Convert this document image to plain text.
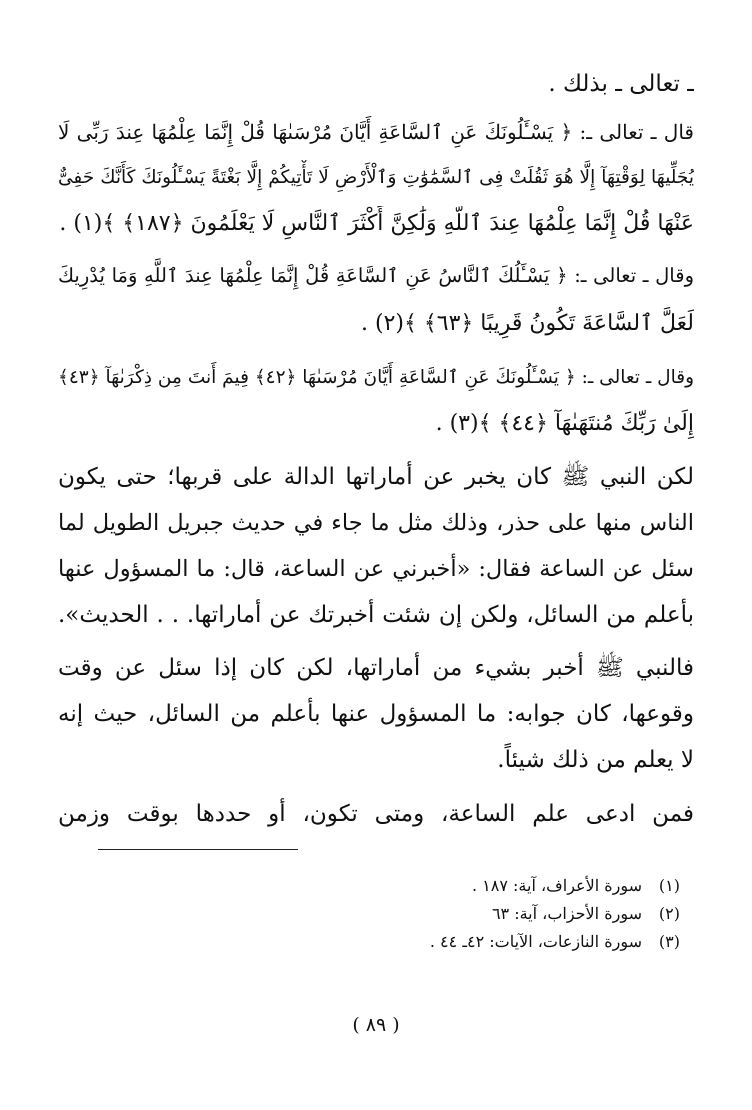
ـ تعالى ـ بذلك .
قال ـ تعالى ـ: ﴿ يَسْـَٔلُونَكَ عَنِ ٱلسَّاعَةِ أَيَّانَ مُرْسَىٰهَا قُلْ إِنَّمَا عِلْمُهَا عِندَ رَبِّى لَا
يُجَلِّيهَا لِوَقْتِهَآ إِلَّا هُوَ ثَقُلَتْ فِى ٱلسَّمَٰوَٰتِ وَٱلْأَرْضِ لَا تَأْتِيكُمْ إِلَّا بَغْتَةً يَسْـَٔلُونَكَ كَأَنَّكَ حَفِىٌّ
عَنْهَا قُلْ إِنَّمَا عِلْمُهَا عِندَ ٱللَّهِ وَلَٰكِنَّ أَكْثَرَ ٱلنَّاسِ لَا يَعْلَمُونَ ﴿١٨٧﴾ ﴾(١) .
وقال ـ تعالى ـ: ﴿ يَسْـَٔلُكَ ٱلنَّاسُ عَنِ ٱلسَّاعَةِ قُلْ إِنَّمَا عِلْمُهَا عِندَ ٱللَّهِ وَمَا يُدْرِيكَ
لَعَلَّ ٱلسَّاعَةَ تَكُونُ قَرِيبًا ﴿٦٣﴾ ﴾(٢) .
وقال ـ تعالى ـ: ﴿ يَسْـَٔلُونَكَ عَنِ ٱلسَّاعَةِ أَيَّانَ مُرْسَىٰهَا ﴿٤٢﴾ فِيمَ أَنتَ مِن ذِكْرَىٰهَآ ﴿٤٣﴾
إِلَىٰ رَبِّكَ مُنتَهَىٰهَآ ﴿٤٤﴾ ﴾(٣) .
لكن النبي ﷺ كان يخبر عن أماراتها الدالة على قربها؛ حتى يكون
الناس منها على حذر، وذلك مثل ما جاء في حديث جبريل الطويل لما
سئل عن الساعة فقال: «أخبرني عن الساعة، قال: ما المسؤول عنها
بأعلم من السائل، ولكن إن شئت أخبرتك عن أماراتها. . . الحديث».
فالنبي ﷺ أخبر بشيء من أماراتها، لكن كان إذا سئل عن وقت
وقوعها، كان جوابه: ما المسؤول عنها بأعلم من السائل، حيث إنه
لا يعلم من ذلك شيئاً.
فمن ادعى علم الساعة، ومتى تكون، أو حددها بوقت وزمن
(١)سورة الأعراف، آية: ١٨٧ .
(٢)سورة الأحزاب، آية: ٦٣
(٣)سورة النازعات، الآيات: ٤٢ـ ٤٤ .
( ٨٩ )
